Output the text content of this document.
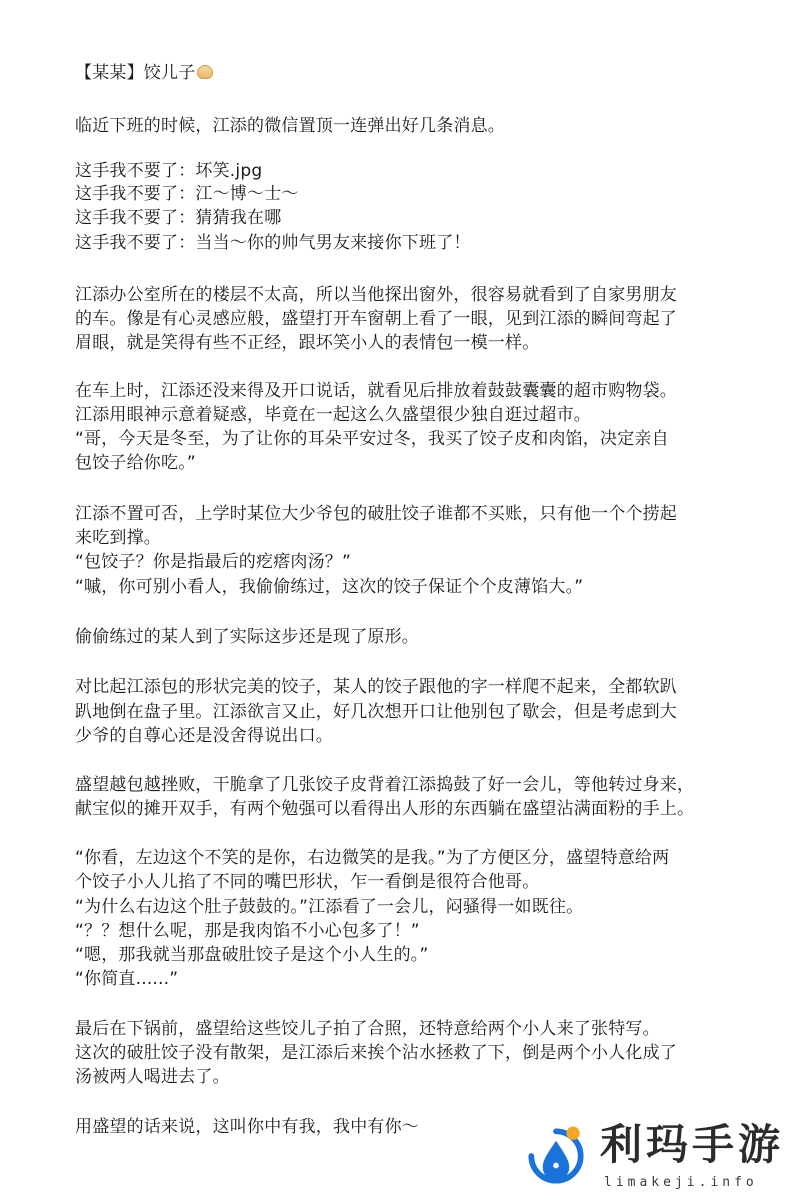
【某某】饺儿子
临近下班的时候，江添的微信置顶一连弹出好几条消息。
这手我不要了：坏笑.jpg
这手我不要了：江～博～士～
这手我不要了：猜猜我在哪
这手我不要了：当当～你的帅气男友来接你下班了！
江添办公室所在的楼层不太高，所以当他探出窗外，很容易就看到了自家男朋友
的车。像是有心灵感应般，盛望打开车窗朝上看了一眼，见到江添的瞬间弯起了
眉眼，就是笑得有些不正经，跟坏笑小人的表情包一模一样。
在车上时，江添还没来得及开口说话，就看见后排放着鼓鼓囊囊的超市购物袋。
江添用眼神示意着疑惑，毕竟在一起这么久盛望很少独自逛过超市。
“哥，今天是冬至，为了让你的耳朵平安过冬，我买了饺子皮和肉馅，决定亲自
包饺子给你吃。”
江添不置可否，上学时某位大少爷包的破肚饺子谁都不买账，只有他一个个捞起
来吃到撑。
“包饺子？你是指最后的疙瘩肉汤？”
“嘁，你可别小看人，我偷偷练过，这次的饺子保证个个皮薄馅大。”
偷偷练过的某人到了实际这步还是现了原形。
对比起江添包的形状完美的饺子，某人的饺子跟他的字一样爬不起来，全都软趴
趴地倒在盘子里。江添欲言又止，好几次想开口让他别包了歇会，但是考虑到大
少爷的自尊心还是没舍得说出口。
盛望越包越挫败，干脆拿了几张饺子皮背着江添捣鼓了好一会儿，等他转过身来，
献宝似的摊开双手，有两个勉强可以看得出人形的东西躺在盛望沾满面粉的手上。
“你看，左边这个不笑的是你，右边微笑的是我。”为了方便区分，盛望特意给两
个饺子小人儿掐了不同的嘴巴形状，乍一看倒是很符合他哥。
“为什么右边这个肚子鼓鼓的。”江添看了一会儿，闷骚得一如既往。
“？？想什么呢，那是我肉馅不小心包多了！”
“嗯，那我就当那盘破肚饺子是这个小人生的。”
“你简直......”
最后在下锅前，盛望给这些饺儿子拍了合照，还特意给两个小人来了张特写。
这次的破肚饺子没有散架，是江添后来挨个沾水拯救了下，倒是两个小人化成了
汤被两人喝进去了。
用盛望的话来说，这叫你中有我，我中有你～	利玛手游
limakeji.info
